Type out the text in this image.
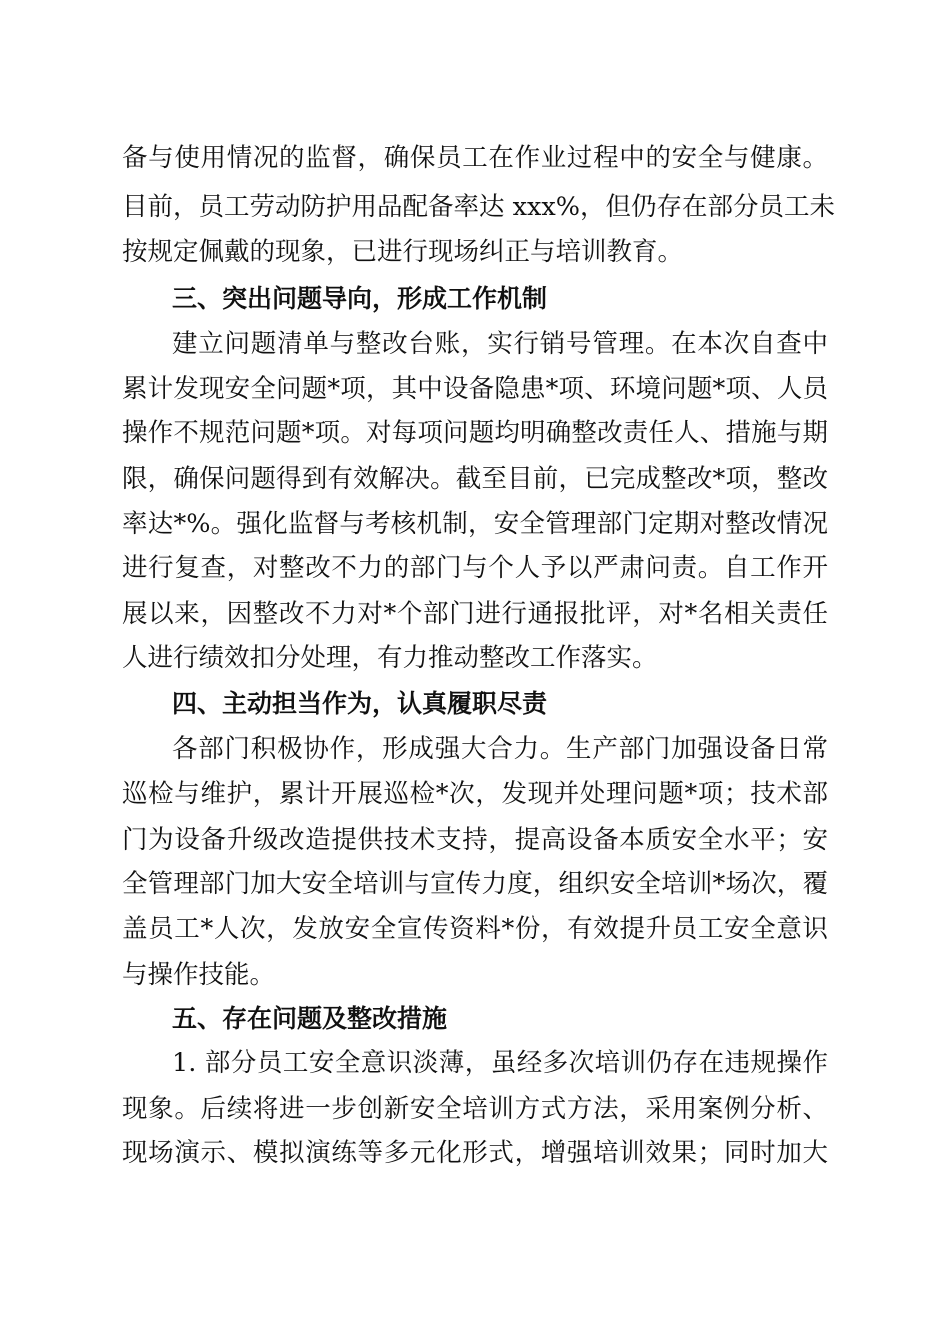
备与使用情况的监督，确保员工在作业过程中的安全与健康。
目前，员工劳动防护用品配备率达 xxx%，但仍存在部分员工未
按规定佩戴的现象，已进行现场纠正与培训教育。
三、突出问题导向，形成工作机制
建立问题清单与整改台账，实行销号管理。在本次自查中
累计发现安全问题*项，其中设备隐患*项、环境问题*项、人员
操作不规范问题*项。对每项问题均明确整改责任人、措施与期
限，确保问题得到有效解决。截至目前，已完成整改*项，整改
率达*%。强化监督与考核机制，安全管理部门定期对整改情况
进行复查，对整改不力的部门与个人予以严肃问责。自工作开
展以来，因整改不力对*个部门进行通报批评，对*名相关责任
人进行绩效扣分处理，有力推动整改工作落实。
四、主动担当作为，认真履职尽责
各部门积极协作，形成强大合力。生产部门加强设备日常
巡检与维护，累计开展巡检*次，发现并处理问题*项；技术部
门为设备升级改造提供技术支持，提高设备本质安全水平；安
全管理部门加大安全培训与宣传力度，组织安全培训*场次，覆
盖员工*人次，发放安全宣传资料*份，有效提升员工安全意识
与操作技能。
五、存在问题及整改措施
1. 部分员工安全意识淡薄，虽经多次培训仍存在违规操作
现象。后续将进一步创新安全培训方式方法，采用案例分析、
现场演示、模拟演练等多元化形式，增强培训效果；同时加大
